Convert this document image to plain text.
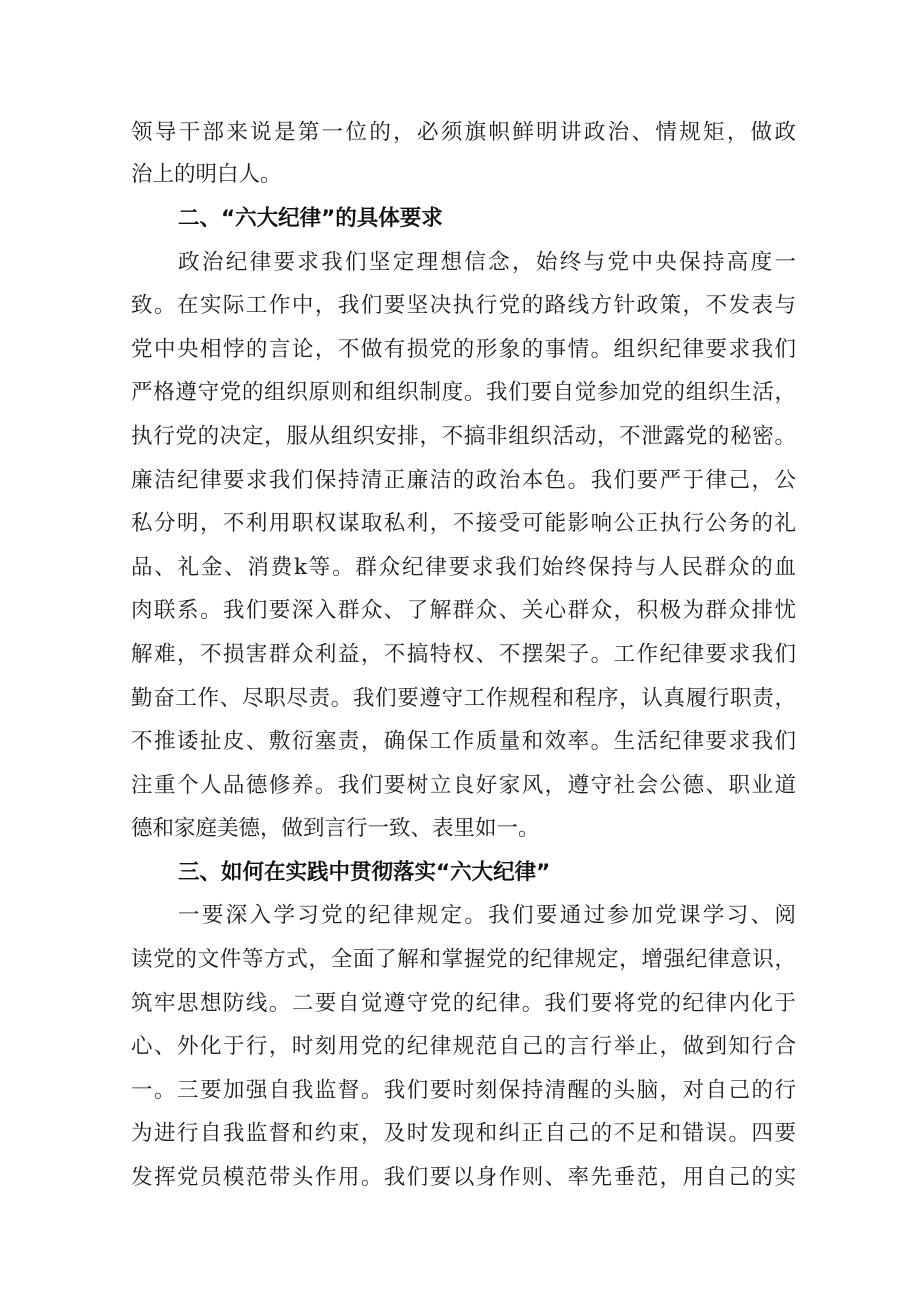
领导干部来说是第一位的，必须旗帜鲜明讲政治、情规矩，做政
治上的明白人。
二、“六大纪律”的具体要求
政治纪律要求我们坚定理想信念，始终与党中央保持高度一
致。在实际工作中，我们要坚决执行党的路线方针政策，不发表与
党中央相悖的言论，不做有损党的形象的事情。组织纪律要求我们
严格遵守党的组织原则和组织制度。我们要自觉参加党的组织生活，
执行党的决定，服从组织安排，不搞非组织活动，不泄露党的秘密。
廉洁纪律要求我们保持清正廉洁的政治本色。我们要严于律己，公
私分明，不利用职权谋取私利，不接受可能影响公正执行公务的礼
品、礼金、消费k等。群众纪律要求我们始终保持与人民群众的血
肉联系。我们要深入群众、了解群众、关心群众，积极为群众排忧
解难，不损害群众利益，不搞特权、不摆架子。工作纪律要求我们
勤奋工作、尽职尽责。我们要遵守工作规程和程序，认真履行职责，
不推诿扯皮、敷衍塞责，确保工作质量和效率。生活纪律要求我们
注重个人品德修养。我们要树立良好家风，遵守社会公德、职业道
德和家庭美德，做到言行一致、表里如一。
三、如何在实践中贯彻落实“六大纪律”
一要深入学习党的纪律规定。我们要通过参加党课学习、阅
读党的文件等方式，全面了解和掌握党的纪律规定，增强纪律意识，
筑牢思想防线。二要自觉遵守党的纪律。我们要将党的纪律内化于
心、外化于行，时刻用党的纪律规范自己的言行举止，做到知行合
一。三要加强自我监督。我们要时刻保持清醒的头脑，对自己的行
为进行自我监督和约束，及时发现和纠正自己的不足和错误。四要
发挥党员模范带头作用。我们要以身作则、率先垂范，用自己的实
